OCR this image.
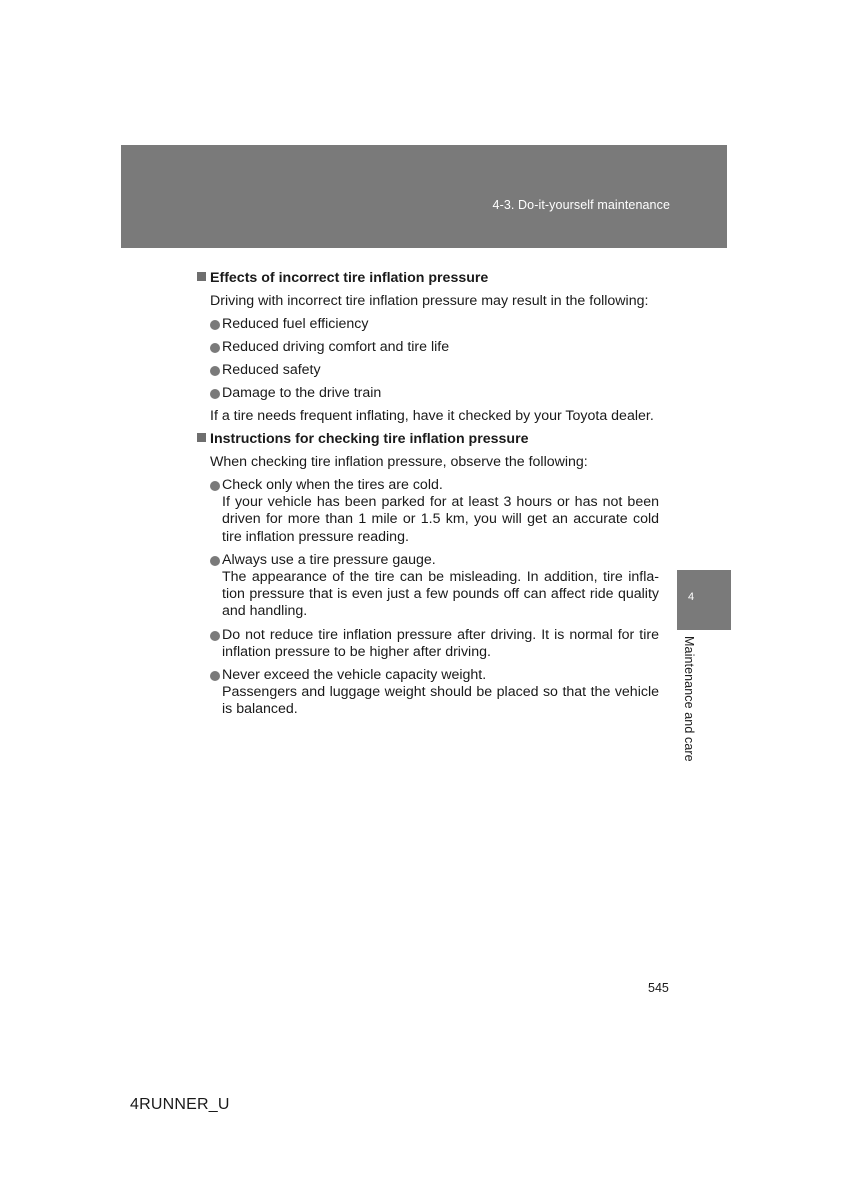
4-3. Do-it-yourself maintenance
4
Maintenance and care
Effects of incorrect tire inflation pressure
Driving with incorrect tire inflation pressure may result in the following:
Reduced fuel efficiency
Reduced driving comfort and tire life
Reduced safety
Damage to the drive train
If a tire needs frequent inflating, have it checked by your Toyota dealer.
Instructions for checking tire inflation pressure
When checking tire inflation pressure, observe the following:
Check only when the tires are cold.
If your vehicle has been parked for at least 3 hours or has not been driven for more than 1 mile or 1.5 km, you will get an accurate cold tire inflation pressure reading.
Always use a tire pressure gauge.
The appearance of the tire can be misleading. In addition, tire infla-tion pressure that is even just a few pounds off can affect ride quality and handling.
Do not reduce tire inflation pressure after driving. It is normal for tire inflation pressure to be higher after driving.
Never exceed the vehicle capacity weight.
Passengers and luggage weight should be placed so that the vehicle is balanced.
545
4RUNNER_U
